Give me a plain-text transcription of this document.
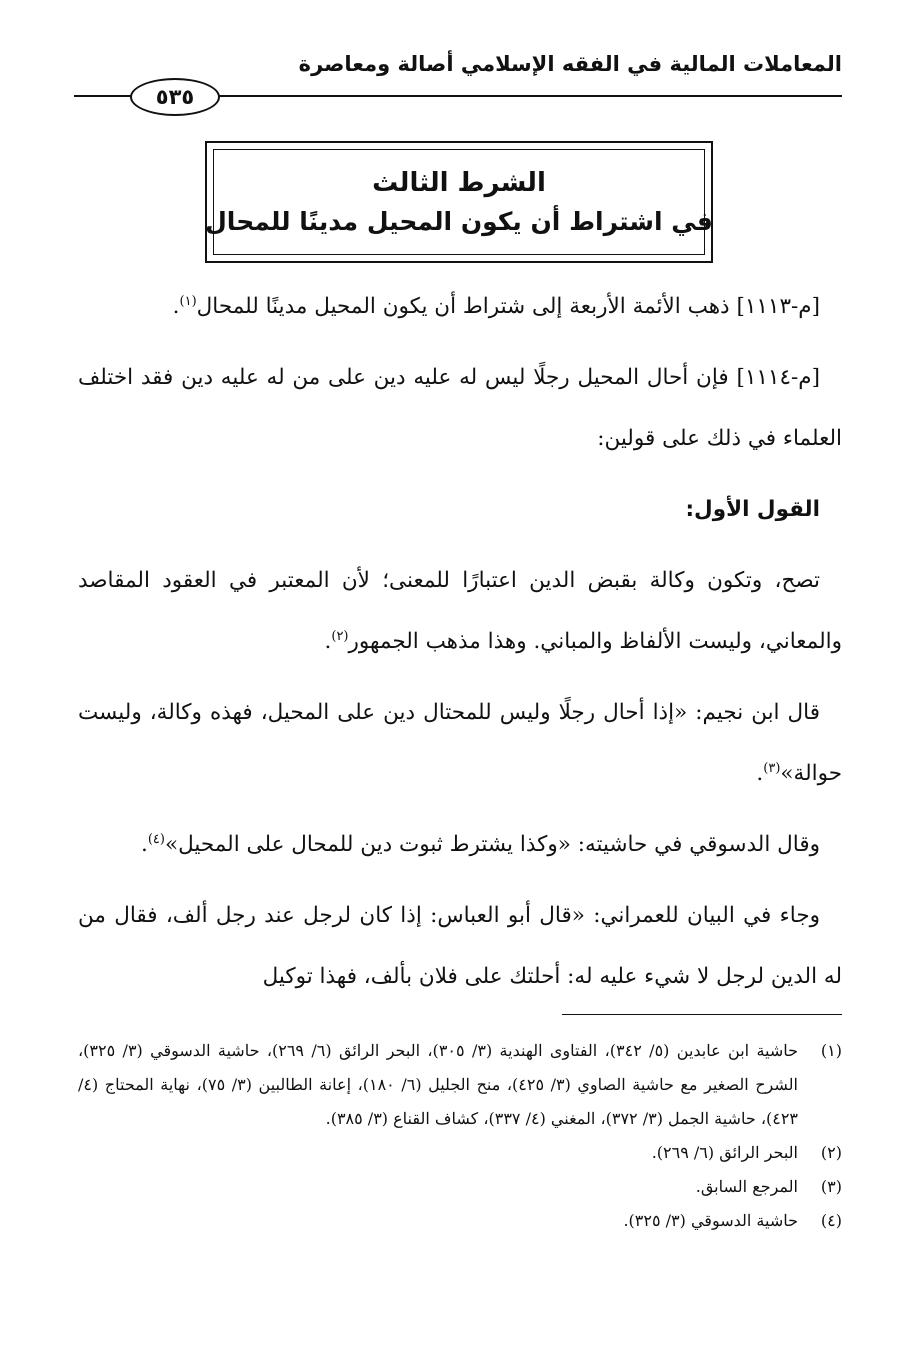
المعاملات المالية في الفقه الإسلامي أصالة ومعاصرة
٥٣٥
الشرط الثالث
في اشتراط أن يكون المحيل مدينًا للمحال

[م-١١١٣] ذهب الأئمة الأربعة إلى شتراط أن يكون المحيل مدينًا للمحال$^{(١)}$.

[م-١١١٤] فإن أحال المحيل رجلًا ليس له عليه دين على من له عليه دين فقد اختلف العلماء في ذلك على قولين:

القول الأول:

تصح، وتكون وكالة بقبض الدين اعتبارًا للمعنى؛ لأن المعتبر في العقود المقاصد والمعاني، وليست الألفاظ والمباني. وهذا مذهب الجمهور$^{(٢)}$.

قال ابن نجيم: «إذا أحال رجلًا وليس للمحتال دين على المحيل، فهذه وكالة، وليست حوالة»$^{(٣)}$.

وقال الدسوقي في حاشيته: «وكذا يشترط ثبوت دين للمحال على المحيل»$^{(٤)}$.

وجاء في البيان للعمراني: «قال أبو العباس: إذا كان لرجل عند رجل ألف، فقال من له الدين لرجل لا شيء عليه له: أحلتك على فلان بألف، فهذا توكيل

(١)
حاشية ابن عابدين (٥/ ٣٤٢)، الفتاوى الهندية (٣/ ٣٠٥)، البحر الرائق (٦/ ٢٦٩)، حاشية الدسوقي (٣/ ٣٢٥)، الشرح الصغير مع حاشية الصاوي (٣/ ٤٢٥)، منح الجليل (٦/ ١٨٠)، إعانة الطالبين (٣/ ٧٥)، نهاية المحتاج (٤/ ٤٢٣)، حاشية الجمل (٣/ ٣٧٢)، المغني (٤/ ٣٣٧)، كشاف القناع (٣/ ٣٨٥).
(٢)
البحر الرائق (٦/ ٢٦٩).
(٣)
المرجع السابق.
(٤)
حاشية الدسوقي (٣/ ٣٢٥).
